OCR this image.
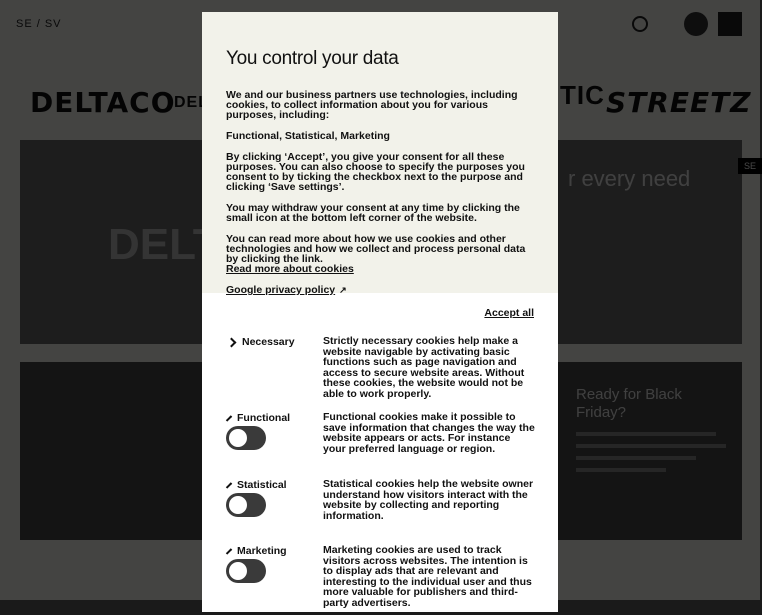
You control your data

We and our business partners use technologies, including cookies, to collect information about you for various purposes, including:

Functional, Statistical, Marketing

By clicking ‘Accept’, you give your consent for all these purposes. You can also choose to specify the purposes you consent to by ticking the checkbox next to the purpose and clicking ‘Save settings’.

You may withdraw your consent at any time by clicking the small icon at the bottom left corner of the website.

You can read more about how we use cookies and other technologies and how we collect and process personal data by clicking the link.
Read more about cookies

Google privacy policy ↗

Accept all
Necessary	Strictly necessary cookies help make a website navigable by activating basic functions such as page navigation and access to secure website areas. Without these cookies, the website would not be able to work properly.
Functional	Functional cookies make it possible to save information that changes the way the website appears or acts. For instance your preferred language or region.
Statistical	Statistical cookies help the website owner understand how visitors interact with the website by collecting and reporting information.
Marketing	Marketing cookies are used to track visitors across websites. The intention is to display ads that are relevant and interesting to the individual user and thus more valuable for publishers and third-party advertisers.
